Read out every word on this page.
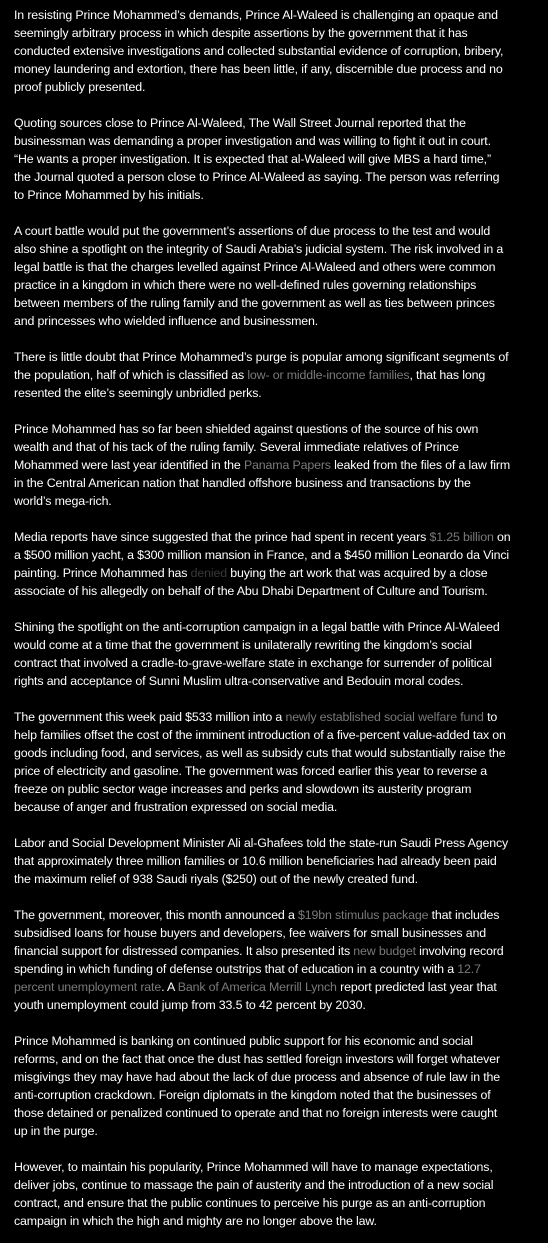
In resisting Prince Mohammed’s demands, Prince Al-Waleed is challenging an opaque and
seemingly arbitrary process in which despite assertions by the government that it has
conducted extensive investigations and collected substantial evidence of corruption, bribery,
money laundering and extortion, there has been little, if any, discernible due process and no
proof publicly presented.

Quoting sources close to Prince Al-Waleed, The Wall Street Journal reported that the
businessman was demanding a proper investigation and was willing to fight it out in court.
“He wants a proper investigation. It is expected that al-Waleed will give MBS a hard time,”
the Journal quoted a person close to Prince Al-Waleed as saying. The person was referring
to Prince Mohammed by his initials.

A court battle would put the government’s assertions of due process to the test and would
also shine a spotlight on the integrity of Saudi Arabia’s judicial system. The risk involved in a
legal battle is that the charges levelled against Prince Al-Waleed and others were common
practice in a kingdom in which there were no well-defined rules governing relationships
between members of the ruling family and the government as well as ties between princes
and princesses who wielded influence and businessmen.

There is little doubt that Prince Mohammed’s purge is popular among significant segments of
the population, half of which is classified as low- or middle-income families, that has long
resented the elite’s seemingly unbridled perks.

Prince Mohammed has so far been shielded against questions of the source of his own
wealth and that of his tack of the ruling family. Several immediate relatives of Prince
Mohammed were last year identified in the Panama Papers leaked from the files of a law firm
in the Central American nation that handled offshore business and transactions by the
world’s mega-rich.

Media reports have since suggested that the prince had spent in recent years $1.25 billion on
a $500 million yacht, a $300 million mansion in France, and a $450 million Leonardo da Vinci
painting. Prince Mohammed has denied buying the art work that was acquired by a close
associate of his allegedly on behalf of the Abu Dhabi Department of Culture and Tourism.

Shining the spotlight on the anti-corruption campaign in a legal battle with Prince Al-Waleed
would come at a time that the government is unilaterally rewriting the kingdom’s social
contract that involved a cradle-to-grave-welfare state in exchange for surrender of political
rights and acceptance of Sunni Muslim ultra-conservative and Bedouin moral codes.

The government this week paid $533 million into a newly established social welfare fund to
help families offset the cost of the imminent introduction of a five-percent value-added tax on
goods including food, and services, as well as subsidy cuts that would substantially raise the
price of electricity and gasoline. The government was forced earlier this year to reverse a
freeze on public sector wage increases and perks and slowdown its austerity program
because of anger and frustration expressed on social media.

Labor and Social Development Minister Ali al-Ghafees told the state-run Saudi Press Agency
that approximately three million families or 10.6 million beneficiaries had already been paid
the maximum relief of 938 Saudi riyals ($250) out of the newly created fund.

The government, moreover, this month announced a $19bn stimulus package that includes
subsidised loans for house buyers and developers, fee waivers for small businesses and
financial support for distressed companies. It also presented its new budget involving record
spending in which funding of defense outstrips that of education in a country with a 12.7
percent unemployment rate. A Bank of America Merrill Lynch report predicted last year that
youth unemployment could jump from 33.5 to 42 percent by 2030.

Prince Mohammed is banking on continued public support for his economic and social
reforms, and on the fact that once the dust has settled foreign investors will forget whatever
misgivings they may have had about the lack of due process and absence of rule law in the
anti-corruption crackdown. Foreign diplomats in the kingdom noted that the businesses of
those detained or penalized continued to operate and that no foreign interests were caught
up in the purge.

However, to maintain his popularity, Prince Mohammed will have to manage expectations,
deliver jobs, continue to massage the pain of austerity and the introduction of a new social
contract, and ensure that the public continues to perceive his purge as an anti-corruption
campaign in which the high and mighty are no longer above the law.
